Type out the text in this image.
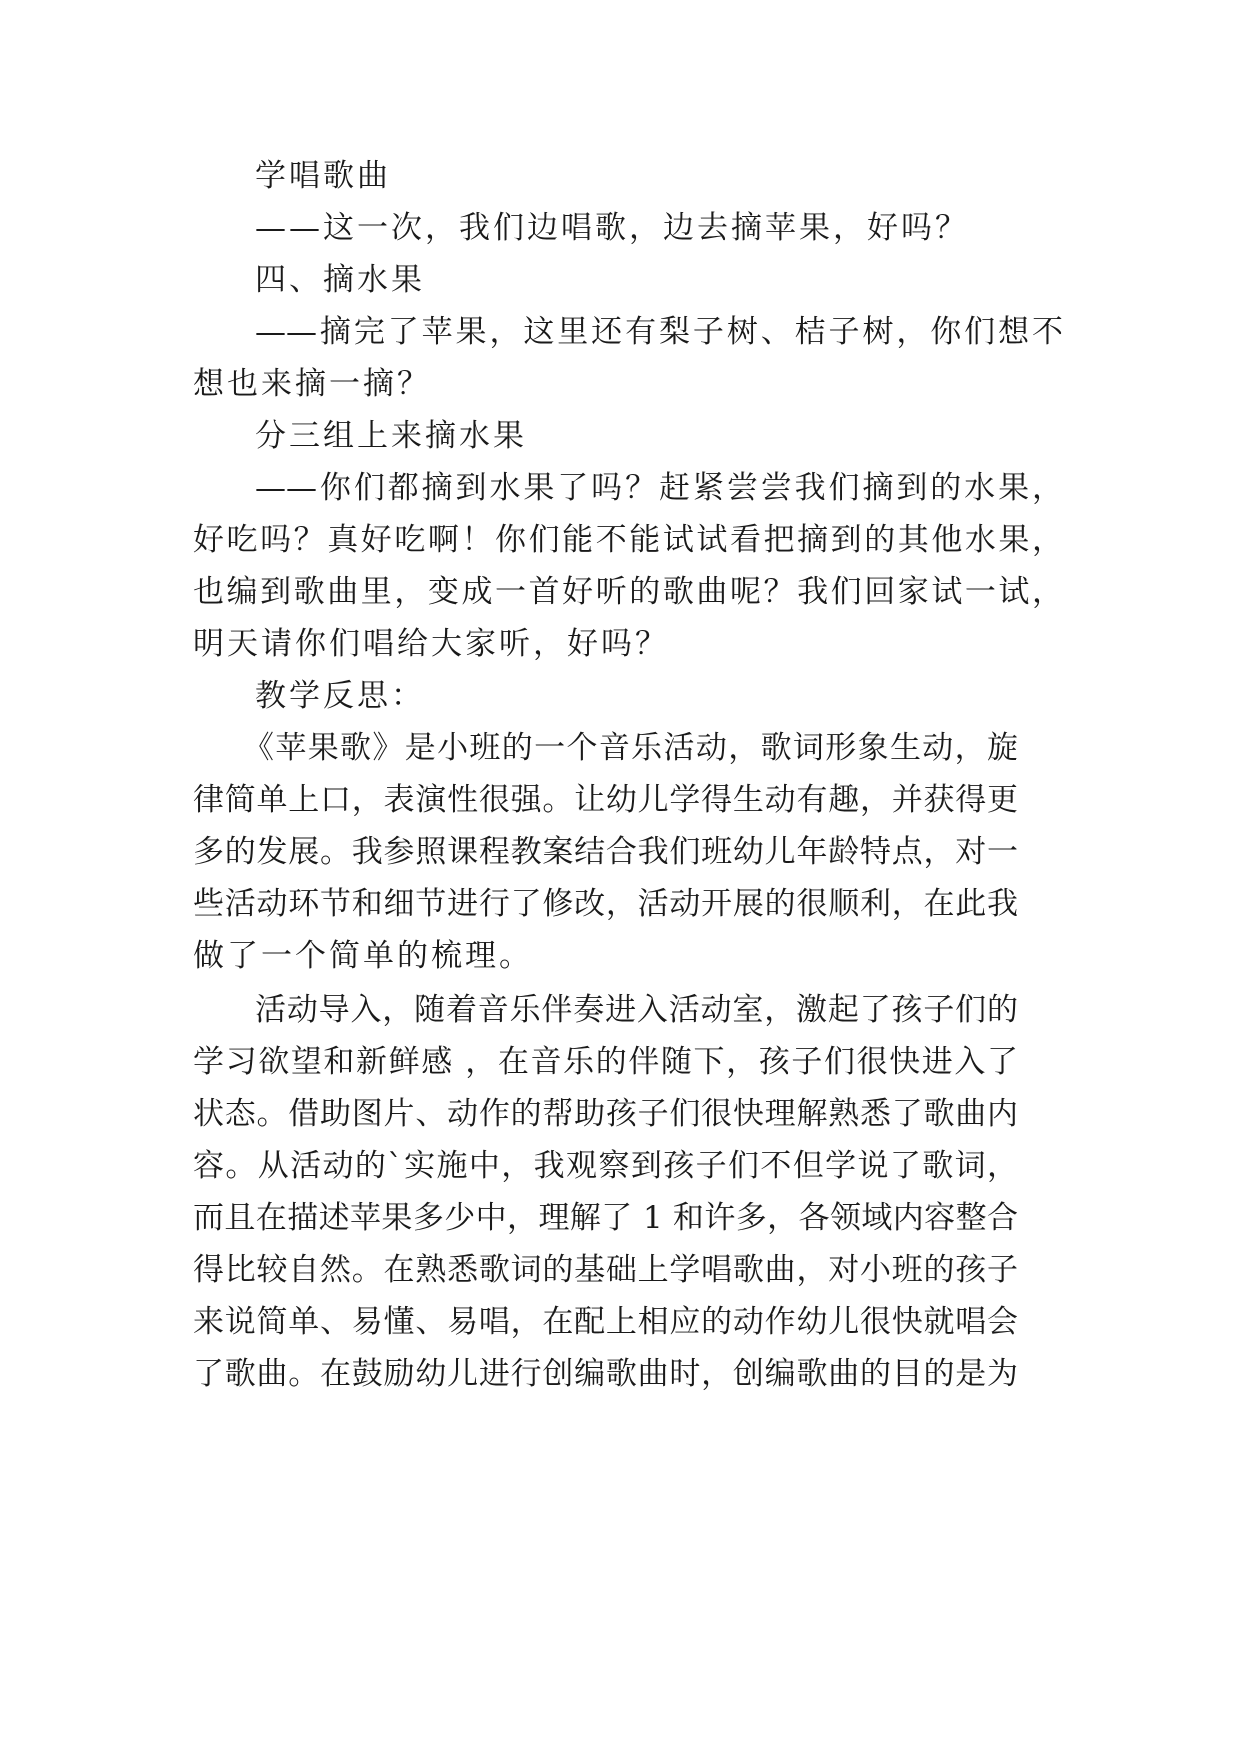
学唱歌曲
——这一次，我们边唱歌，边去摘苹果，好吗？
四、摘水果
——摘完了苹果，这里还有梨子树、桔子树，你们想不
想也来摘一摘？
分三组上来摘水果
——你们都摘到水果了吗？赶紧尝尝我们摘到的水果，
好吃吗？真好吃啊！你们能不能试试看把摘到的其他水果，
也编到歌曲里，变成一首好听的歌曲呢？我们回家试一试，
明天请你们唱给大家听，好吗？
教学反思：
《苹果歌》是小班的一个音乐活动，歌词形象生动，旋
律简单上口，表演性很强。让幼儿学得生动有趣，并获得更
多的发展。我参照课程教案结合我们班幼儿年龄特点，对一
些活动环节和细节进行了修改，活动开展的很顺利，在此我
做了一个简单的梳理。
活动导入，随着音乐伴奏进入活动室，激起了孩子们的
学习欲望和新鲜感 ，在音乐的伴随下，孩子们很快进入了
状态。借助图片、动作的帮助孩子们很快理解熟悉了歌曲内
容。从活动的`实施中，我观察到孩子们不但学说了歌词，
而且在描述苹果多少中，理解了 1 和许多，各领域内容整合
得比较自然。在熟悉歌词的基础上学唱歌曲，对小班的孩子
来说简单、易懂、易唱，在配上相应的动作幼儿很快就唱会
了歌曲。在鼓励幼儿进行创编歌曲时，创编歌曲的目的是为
